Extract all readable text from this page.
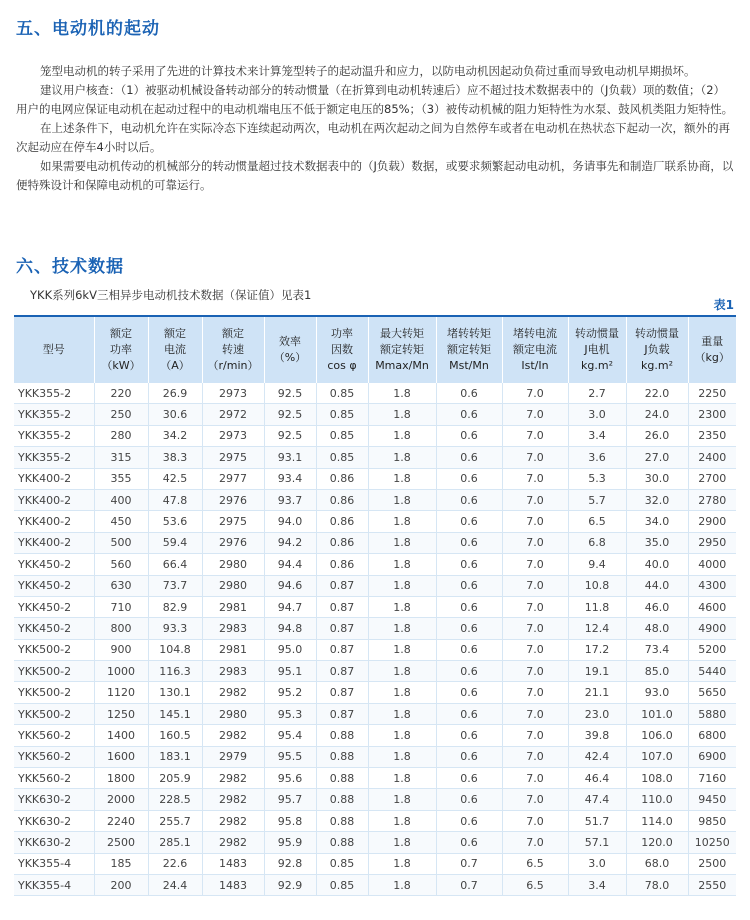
五、电动机的起动

笼型电动机的转子采用了先进的计算技术来计算笼型转子的起动温升和应力，以防电动机因起动负荷过重而导致电动机早期损坏。

建议用户核查：（1）被驱动机械设备转动部分的转动惯量（在折算到电动机转速后）应不超过技术数据表中的（J负载）项的数值；（2）用户的电网应保证电动机在起动过程中的电动机端电压不低于额定电压的85%；（3）被传动机械的阻力矩特性为水泵、鼓风机类阻力矩特性。

在上述条件下，电动机允许在实际冷态下连续起动两次，电动机在两次起动之间为自然停车或者在电动机在热状态下起动一次，额外的再次起动应在停车4小时以后。

如果需要电动机传动的机械部分的转动惯量超过技术数据表中的（J负载）数据，或要求频繁起动电动机，务请事先和制造厂联系协商，以便特殊设计和保障电动机的可靠运行。

六、技术数据
YKK系列6kV三相异步电动机技术数据（保证值）见表1
表1
型号	额定
功率
（kW）	额定
电流
（A）	额定
转速
（r/min）	效率
（%）	功率
因数
cos φ	最大转矩
额定转矩
Mmax/Mn	堵转转矩
额定转矩
Mst/Mn	堵转电流
额定电流
Ist/In	转动惯量
J电机
kg.m²	转动惯量
J负载
kg.m²	重量
（kg）
YKK355-2	220	26.9	2973	92.5	0.85	1.8	0.6	7.0	2.7	22.0	2250
YKK355-2	250	30.6	2972	92.5	0.85	1.8	0.6	7.0	3.0	24.0	2300
YKK355-2	280	34.2	2973	92.5	0.85	1.8	0.6	7.0	3.4	26.0	2350
YKK355-2	315	38.3	2975	93.1	0.85	1.8	0.6	7.0	3.6	27.0	2400
YKK400-2	355	42.5	2977	93.4	0.86	1.8	0.6	7.0	5.3	30.0	2700
YKK400-2	400	47.8	2976	93.7	0.86	1.8	0.6	7.0	5.7	32.0	2780
YKK400-2	450	53.6	2975	94.0	0.86	1.8	0.6	7.0	6.5	34.0	2900
YKK400-2	500	59.4	2976	94.2	0.86	1.8	0.6	7.0	6.8	35.0	2950
YKK450-2	560	66.4	2980	94.4	0.86	1.8	0.6	7.0	9.4	40.0	4000
YKK450-2	630	73.7	2980	94.6	0.87	1.8	0.6	7.0	10.8	44.0	4300
YKK450-2	710	82.9	2981	94.7	0.87	1.8	0.6	7.0	11.8	46.0	4600
YKK450-2	800	93.3	2983	94.8	0.87	1.8	0.6	7.0	12.4	48.0	4900
YKK500-2	900	104.8	2981	95.0	0.87	1.8	0.6	7.0	17.2	73.4	5200
YKK500-2	1000	116.3	2983	95.1	0.87	1.8	0.6	7.0	19.1	85.0	5440
YKK500-2	1120	130.1	2982	95.2	0.87	1.8	0.6	7.0	21.1	93.0	5650
YKK500-2	1250	145.1	2980	95.3	0.87	1.8	0.6	7.0	23.0	101.0	5880
YKK560-2	1400	160.5	2982	95.4	0.88	1.8	0.6	7.0	39.8	106.0	6800
YKK560-2	1600	183.1	2979	95.5	0.88	1.8	0.6	7.0	42.4	107.0	6900
YKK560-2	1800	205.9	2982	95.6	0.88	1.8	0.6	7.0	46.4	108.0	7160
YKK630-2	2000	228.5	2982	95.7	0.88	1.8	0.6	7.0	47.4	110.0	9450
YKK630-2	2240	255.7	2982	95.8	0.88	1.8	0.6	7.0	51.7	114.0	9850
YKK630-2	2500	285.1	2982	95.9	0.88	1.8	0.6	7.0	57.1	120.0	10250
YKK355-4	185	22.6	1483	92.8	0.85	1.8	0.7	6.5	3.0	68.0	2500
YKK355-4	200	24.4	1483	92.9	0.85	1.8	0.7	6.5	3.4	78.0	2550
